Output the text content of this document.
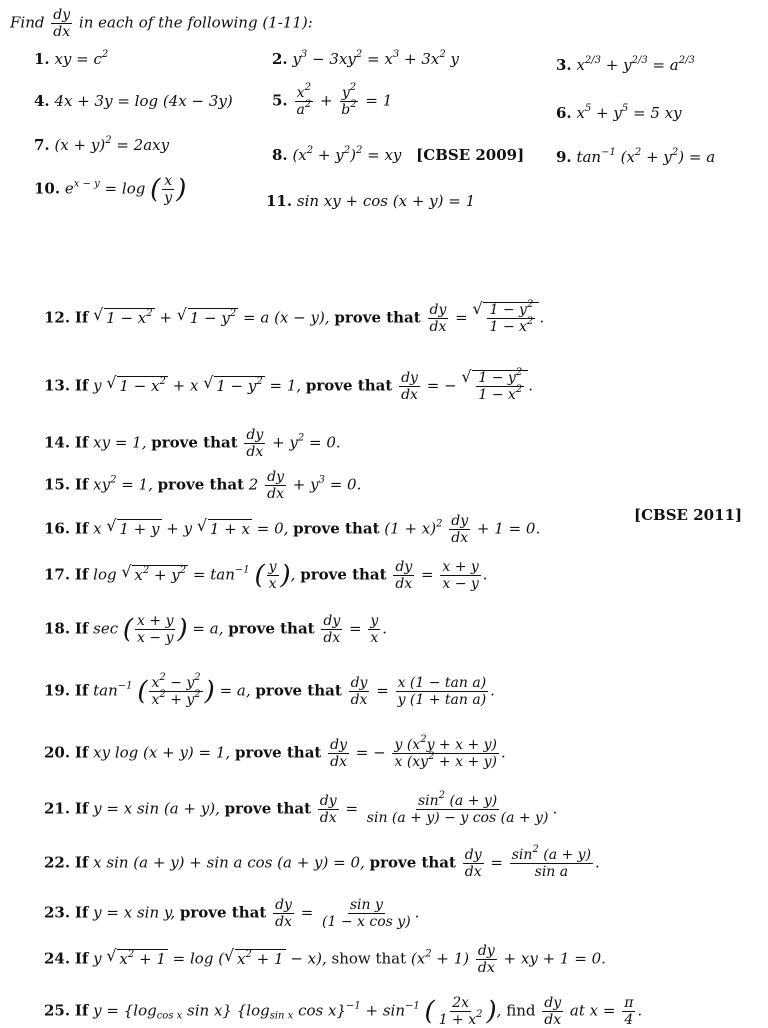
Find $\frac{dy}{dx}$ in each of the following (1-11):
1. xy = $c^2$	2. $y^3 - 3xy^2 = x^3 + 3x^2$ y	3. $x^{2/3} + y^{2/3} = a^{2/3}$
4. 4x + 3y = log (4x − 3y)	5. $\frac{x^2}{a^2} + \frac{y^2}{b^2} = 1$
6. $x^5 + y^5 = 5$ xy
7. $(x + y)^2 = 2axy$
8. $(x^2 + y^2)^2$ = xy [CBSE 2009] 9. $\tan^{-1} (x^2 + y^2) = a$
10. $e^{x - y} = \log$ ( $\frac{x}{y}$ )	11. sin xy + cos (x + y) = 1
12. If √ $1 - x^2$ + √ $1 - y^2 = a$ (x − y), prove that $\frac{dy}{dx}$ = √ $\frac{1 - y^2}{1 - x^2}$ .
13. If y √ $1 - x^2 + x$ √ $1 - y^2 = 1$, prove that $\frac{dy}{dx}$ = − √ $\frac{1 - y^2}{1 - x^2}$ .
14. If xy = 1, prove that $\frac{dy}{dx} + y^2 = 0$.
15. If $xy^2 = 1$, prove that $2 \frac{dy}{dx} + y^3 = 0$.
16. If x √ 1 + y + y √ 1 + x = 0, prove that $(1 + x)^2 \frac{dy}{dx} + 1 = 0$.
[CBSE 2011]
17. If log √ $x^2 + y^2 = \tan^{-1}$ ( $\frac{y}{x}$ ), prove that $\frac{dy}{dx} = \frac{x + y}{x - y}$ .
18. If sec ( $\frac{x + y}{x - y}$ ) = a, prove that $\frac{dy}{dx} = \frac{y}{x}$ .
19. If $\tan^{-1}$ ( $\frac{x^2 - y^2}{x^2 + y^2}$ ) = a, prove that $\frac{dy}{dx} = \frac{\text{x (1 − tan a)}}{\text{y (1 + tan a)}}$ .
20. If xy log (x + y) = 1, prove that $\frac{dy}{dx}$ = − $\frac{y (x^2y + x + y)}{x (xy^2 + x + y)}$ .
21. If y = x sin (a + y), prove that $\frac{dy}{dx} = \frac{\sin^2 (a + y)}{\text{sin (a + y) − y cos (a + y)}}$ .
22. If x sin (a + y) + sin a cos (a + y) = 0, prove that $\frac{dy}{dx} = \frac{\sin^2 (a + y)}{\text{sin a}}$ .
23. If y = x sin y, prove that $\frac{dy}{dx} = \frac{\text{sin y}}{\text{(1 − x cos y)}}$ .
24. If y √ $x^2 + 1 = \log$ ( √ $x^2 + 1 - x$), show that $(x^2 + 1) \frac{dy}{dx}$ + xy + 1 = 0.
25. If $y = \{\log_{cos x}$ sin x} {$\log_{sin x}$ $\cos x\}^{-1} + \sin^{-1}$ ( $\frac{2x}{1 + x^2}$ ), find $\frac{dy}{dx}$ at $x = \frac{\pi}{4}$ .
